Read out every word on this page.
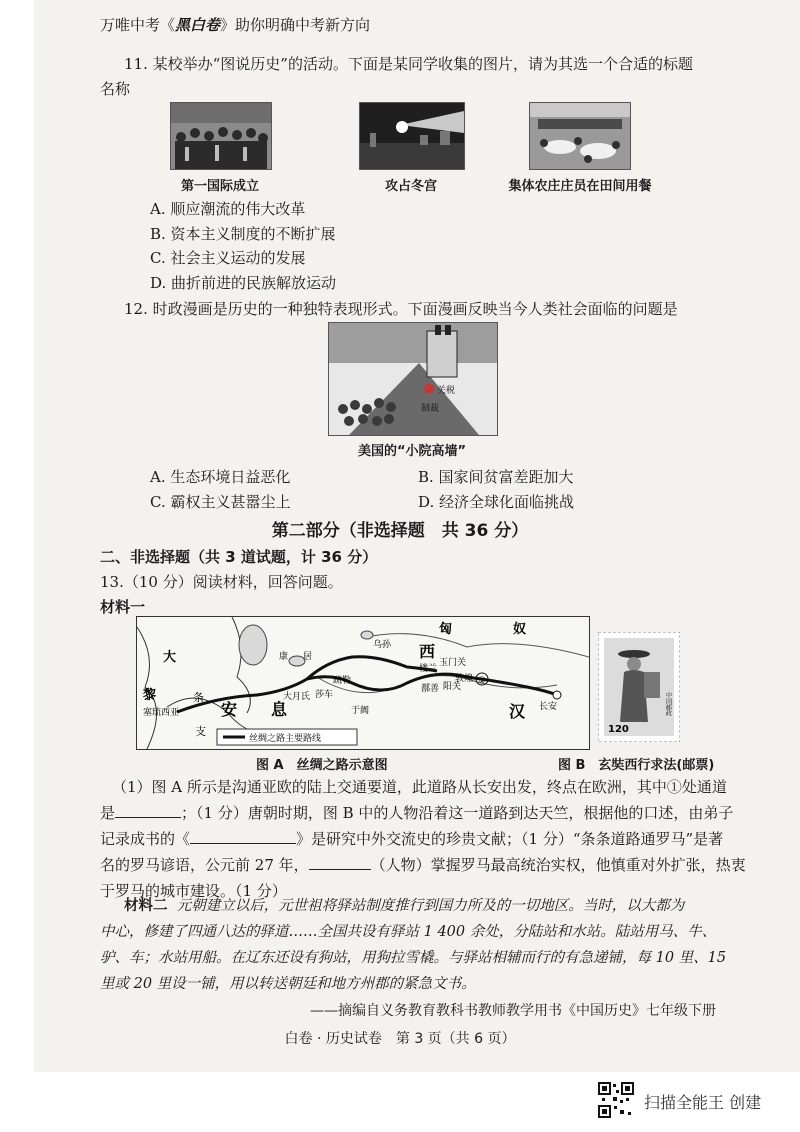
万唯中考《黑白卷》助你明确中考新方向
11. 某校举办“图说历史”的活动。下面是某同学收集的图片，请为其选一个合适的标题
名称
第一国际成立	攻占冬宫	集体农庄庄员在田间用餐
A. 顺应潮流的伟大改革
B. 资本主义制度的不断扩展
C. 社会主义运动的发展
D. 曲折前进的民族解放运动
12. 时政漫画是历史的一种独特表现形式。下面漫画反映当今人类社会面临的问题是
关税
制裁
美国的“小院高墙”
A. 生态环境日益恶化	B. 国家间贫富差距加大
C. 霸权主义甚嚣尘上	D. 经济全球化面临挑战
第二部分（非选择题　共 36 分）
二、非选择题（共 3 道试题，计 36 分）
13.（10 分）阅读材料，回答问题。
材料一
匈	奴
西
大	康 居
乌孙
疏勒
楼兰
玉门关
敦煌
阳关
鄯善
①
大月氏 莎车
于阗	长安
汉
黎	条
安 息
塞琉西亚
支
丝绸之路主要路线
120
中国邮政
图 A　丝绸之路示意图	图 B　玄奘西行求法(邮票)
（1）图 A 所示是沟通亚欧的陆上交通要道，此道路从长安出发，终点在欧洲，其中①处通道
是	；（1 分）唐朝时期，图 B 中的人物沿着这一道路到达天竺，根据他的口述，由弟子
记录成书的《	》是研究中外交流史的珍贵文献；（1 分）“条条道路通罗马”是著
名的罗马谚语，公元前 27 年，	（人物）掌握罗马最高统治实权，他慎重对外扩张，热衷
于罗马的城市建设。（1 分）
材料二 元朝建立以后，元世祖将驿站制度推行到国力所及的一切地区。当时，以大都为
中心，修建了四通八达的驿道……全国共设有驿站 1 400 余处，分陆站和水站。陆站用马、牛、
驴、车；水站用船。在辽东还设有狗站，用狗拉雪橇。与驿站相辅而行的有急递铺，每 10 里、15
里或 20 里设一铺，用以转送朝廷和地方州郡的紧急文书。
——摘编自义务教育教科书教师教学用书《中国历史》七年级下册
白卷 · 历史试卷　第 3 页（共 6 页）
扫描全能王 创建
